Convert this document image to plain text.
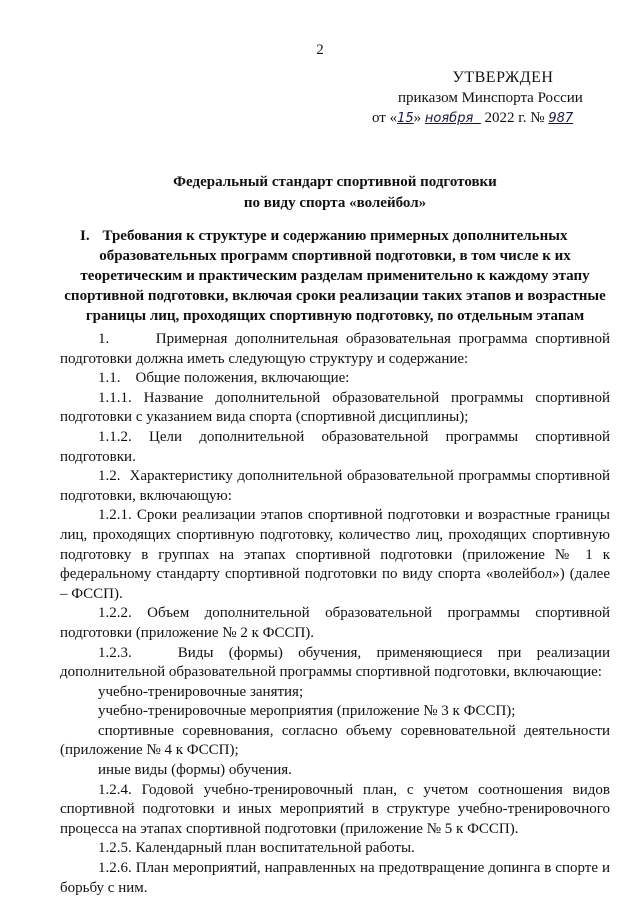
2
УТВЕРЖДЕН
приказом Минспорта России
от «15» ноября 2022 г. № 987
Федеральный стандарт спортивной подготовки
по виду спорта «волейбол»
I. Требования к структуре и содержанию примерных дополнительных образовательных программ спортивной подготовки, в том числе к их теоретическим и практическим разделам применительно к каждому этапу спортивной подготовки, включая сроки реализации таких этапов и возрастные границы лиц, проходящих спортивную подготовку, по отдельным этапам

1.      Примерная дополнительная образовательная программа спортивной подготовки должна иметь следующую структуру и содержание:

1.1.    Общие положения, включающие:

1.1.1. Название дополнительной образовательной программы спортивной подготовки с указанием вида спорта (спортивной дисциплины);

1.1.2. Цели дополнительной образовательной программы спортивной подготовки.

1.2.  Характеристику дополнительной образовательной программы спортивной подготовки, включающую:

1.2.1. Сроки реализации этапов спортивной подготовки и возрастные границы лиц, проходящих спортивную подготовку, количество лиц, проходящих спортивную подготовку в группах на этапах спортивной подготовки (приложение № 1 к федеральному стандарту спортивной подготовки по виду спорта «волейбол») (далее – ФССП).

1.2.2. Объем дополнительной образовательной программы спортивной подготовки (приложение № 2 к ФССП).

1.2.3.   Виды (формы) обучения, применяющиеся при реализации дополнительной образовательной программы спортивной подготовки, включающие:

учебно-тренировочные занятия;

учебно-тренировочные мероприятия (приложение № 3 к ФССП);

спортивные соревнования, согласно объему соревновательной деятельности (приложение № 4 к ФССП);

иные виды (формы) обучения.

1.2.4. Годовой учебно-тренировочный план, с учетом соотношения видов спортивной подготовки и иных мероприятий в структуре учебно-тренировочного процесса на этапах спортивной подготовки (приложение № 5 к ФССП).

1.2.5. Календарный план воспитательной работы.

1.2.6. План мероприятий, направленных на предотвращение допинга в спорте и борьбу с ним.
